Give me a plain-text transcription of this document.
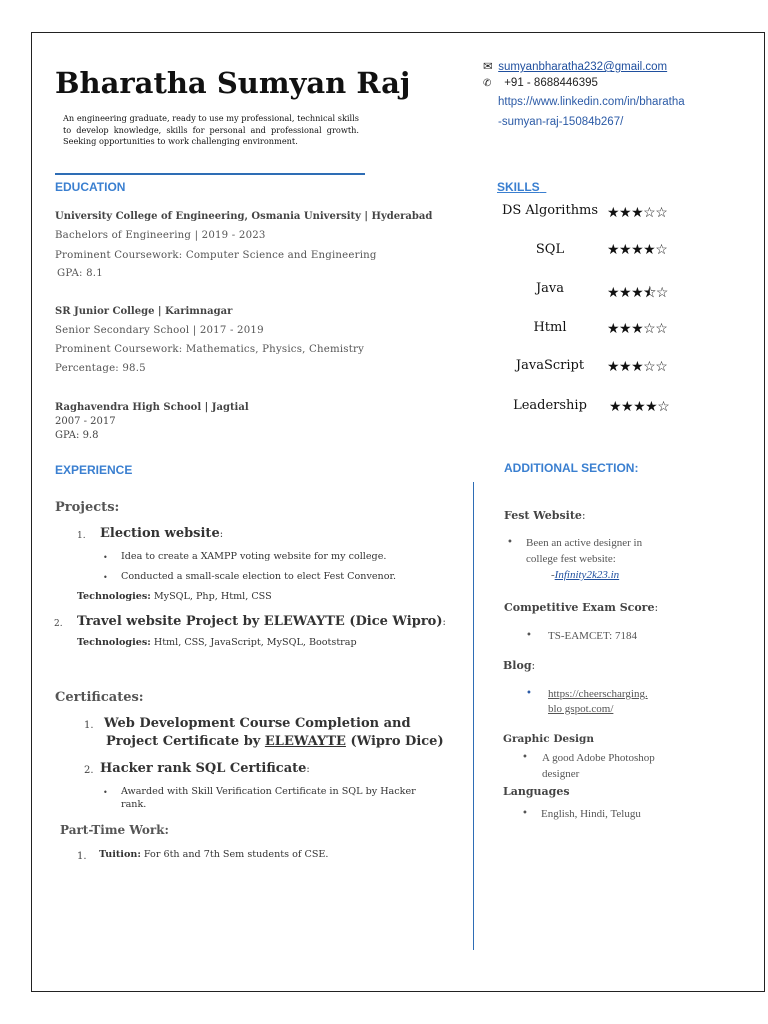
Bharatha Sumyan Raj
An engineering graduate, ready to use my professional, technical skills to develop knowledge, skills for personal and professional growth. Seeking opportunities to work challenging environment.
✉ sumyanbharatha232@gmail.com
✆ +91 - 8688446395
https://www.linkedin.com/in/bharatha
-sumyan-raj-15084b267/
EDUCATION
University College of Engineering, Osmania University | Hyderabad
Bachelors of Engineering | 2019 - 2023
Prominent Coursework: Computer Science and Engineering
GPA: 8.1
SR Junior College | Karimnagar
Senior Secondary School | 2017 - 2019
Prominent Coursework: Mathematics, Physics, Chemistry
Percentage: 98.5
Raghavendra High School | Jagtial
2007 - 2017
GPA: 9.8
EXPERIENCE
Projects:
1. Election website:
• Idea to create a XAMPP voting website for my college.
• Conducted a small-scale election to elect Fest Convenor.
Technologies: MySQL, Php, Html, CSS
2. Travel website Project by ELEWAYTE (Dice Wipro):
Technologies: Html, CSS, JavaScript, MySQL, Bootstrap
Certificates:
1. Web Development Course Completion and
Project Certificate by ELEWAYTE (Wipro Dice)
2. Hacker rank SQL Certificate:
• Awarded with Skill Verification Certificate in SQL by Hacker
rank.
Part-Time Work:
1. Tuition: For 6th and 7th Sem students of CSE.
SKILLS
DS Algorithms ★★★☆☆
SQL	★★★★☆
Java	★★★⯪☆
Html	★★★☆☆
JavaScript	★★★☆☆
Leadership	★★★★☆
ADDITIONAL SECTION:
Fest Website:
• Been an active designer in
college fest website:
-Infinity2k23.in
Competitive Exam Score:
• TS-EAMCET: 7184
Blog:
• https://cheerscharging.
blo gspot.com/
Graphic Design
• A good Adobe Photoshop
designer
Languages
• English, Hindi, Telugu
